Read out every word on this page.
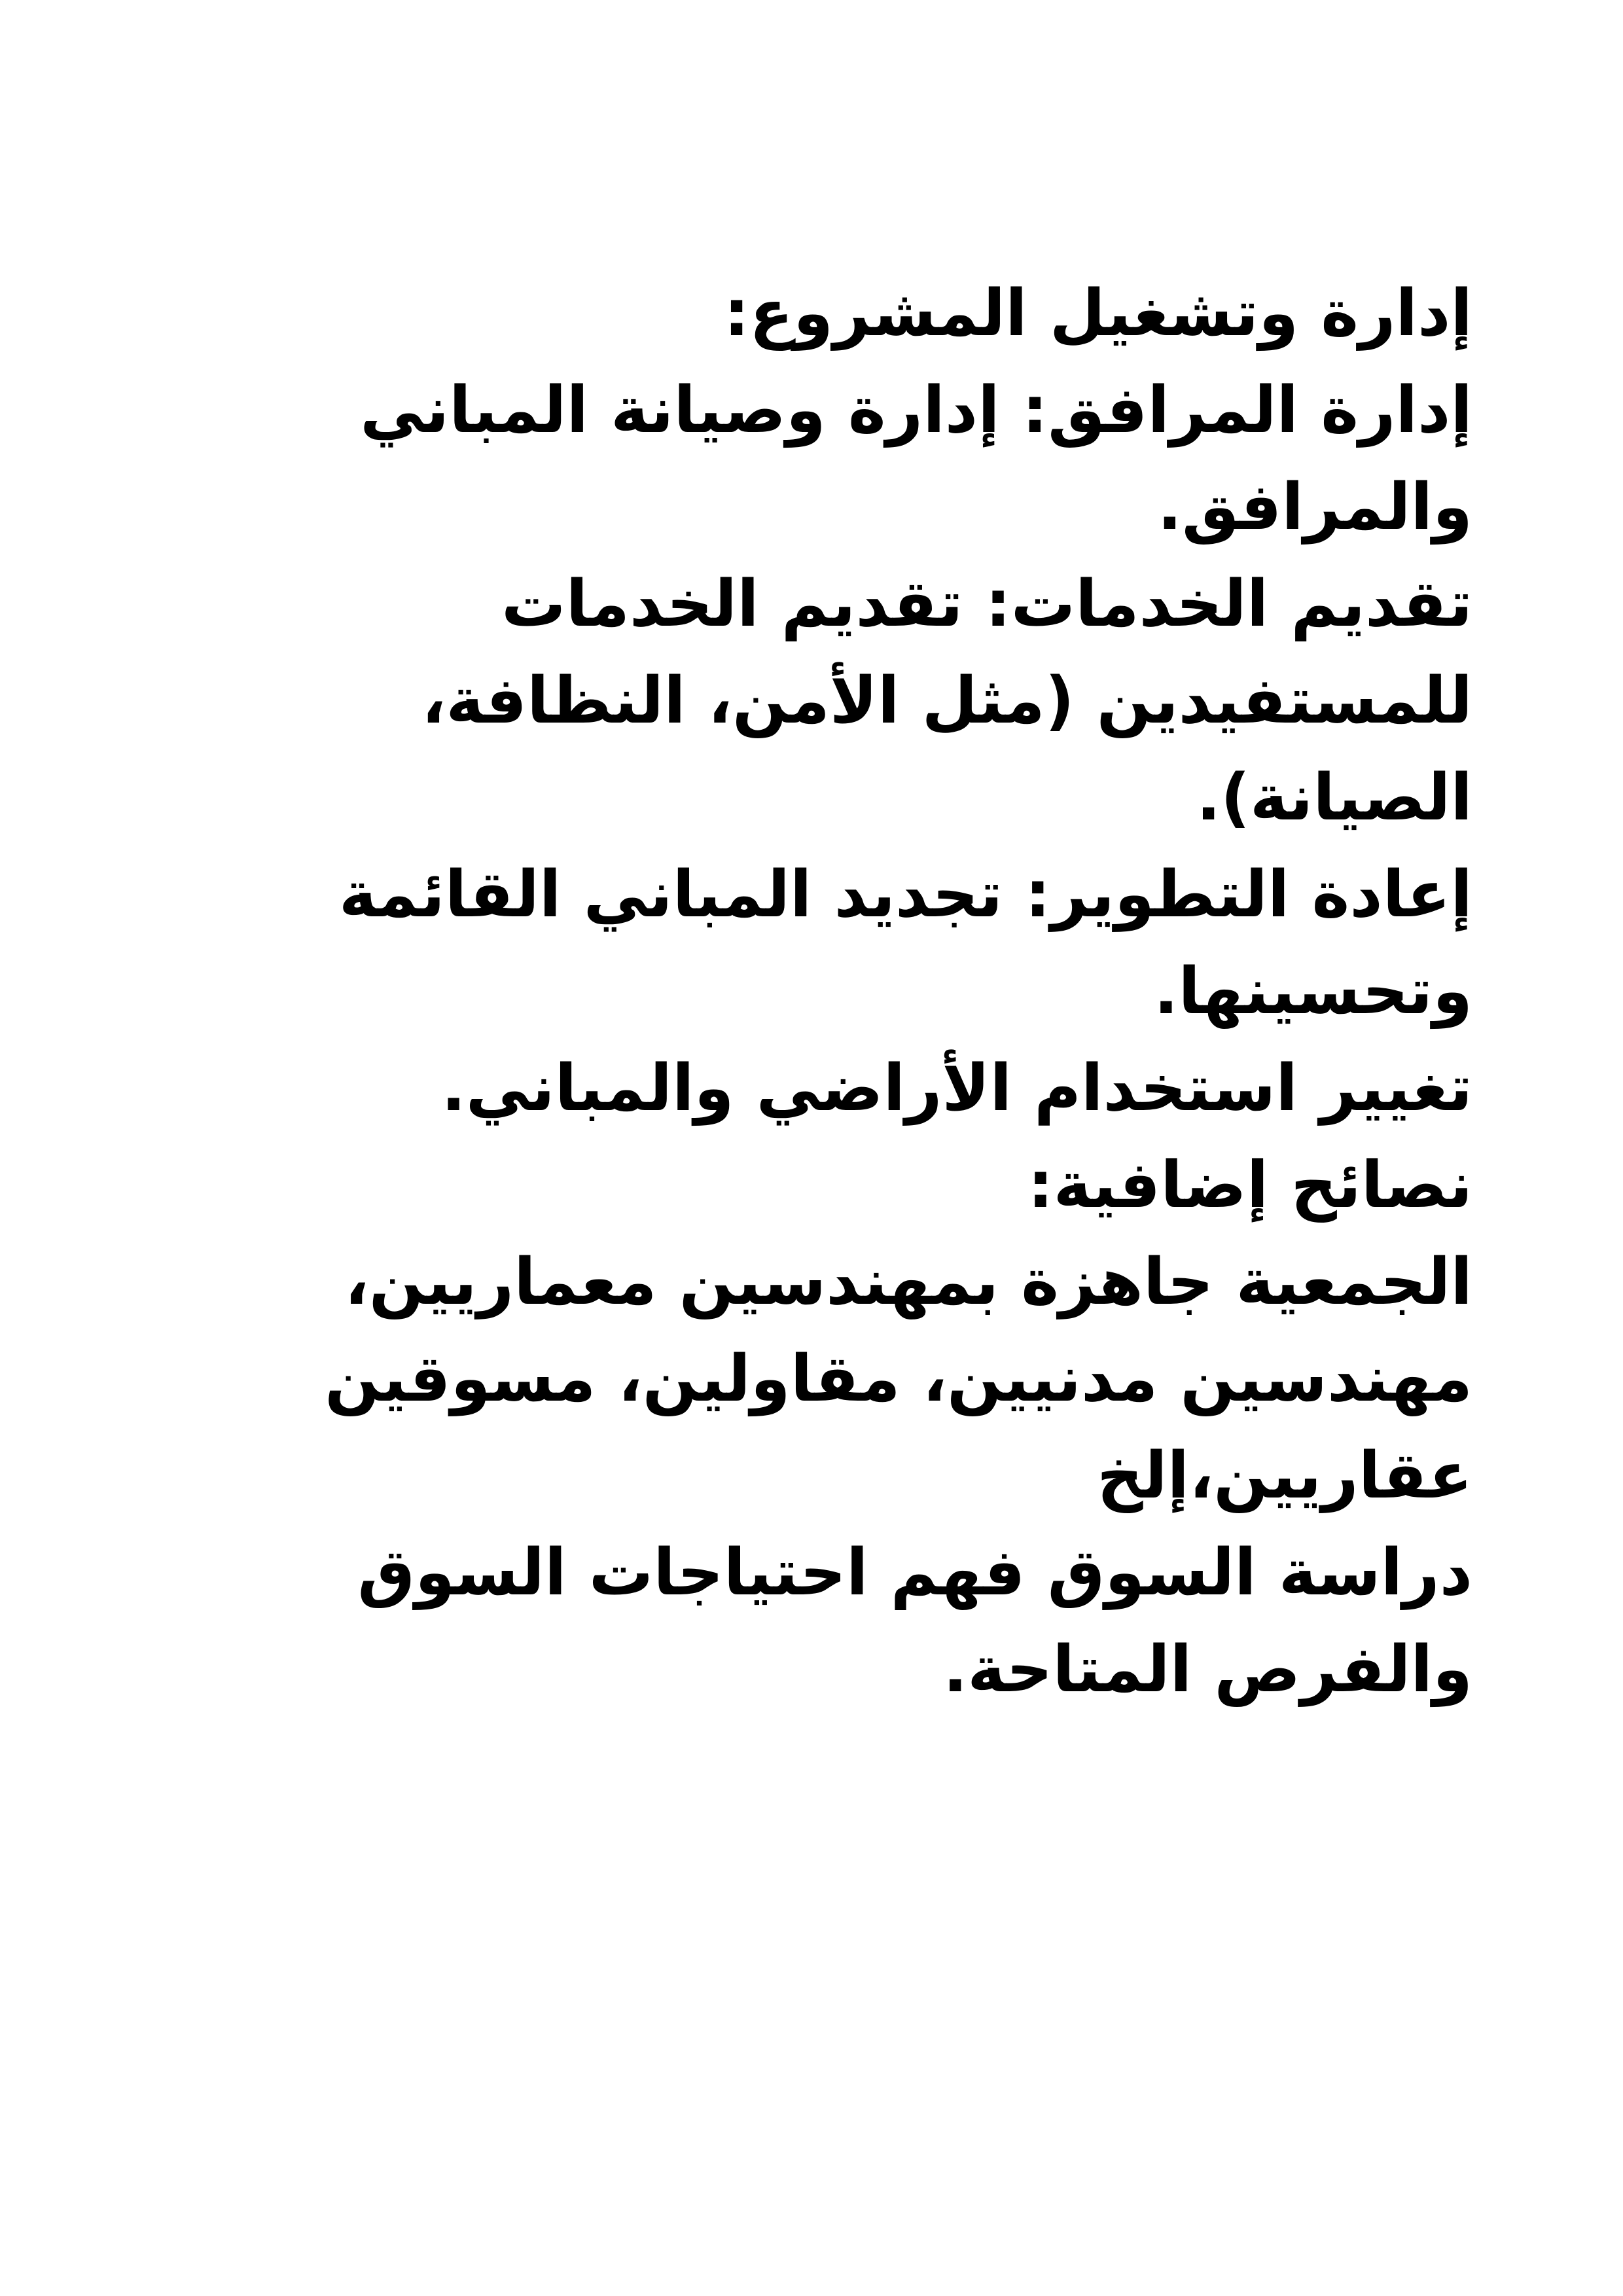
إدارة وتشغيل المشروع:
إدارة المرافق: إدارة وصيانة المباني
والمرافق.
تقديم الخدمات: تقديم الخدمات
للمستفيدين (مثل الأمن، النظافة،
الصيانة).
إعادة التطوير: تجديد المباني القائمة
وتحسينها.
تغيير استخدام الأراضي والمباني.
نصائح إضافية:
الجمعية جاهزة بمهندسين معماريين،
مهندسين مدنيين، مقاولين، مسوقين
عقاريين،إلخ
دراسة السوق فهم احتياجات السوق
والفرص المتاحة.
